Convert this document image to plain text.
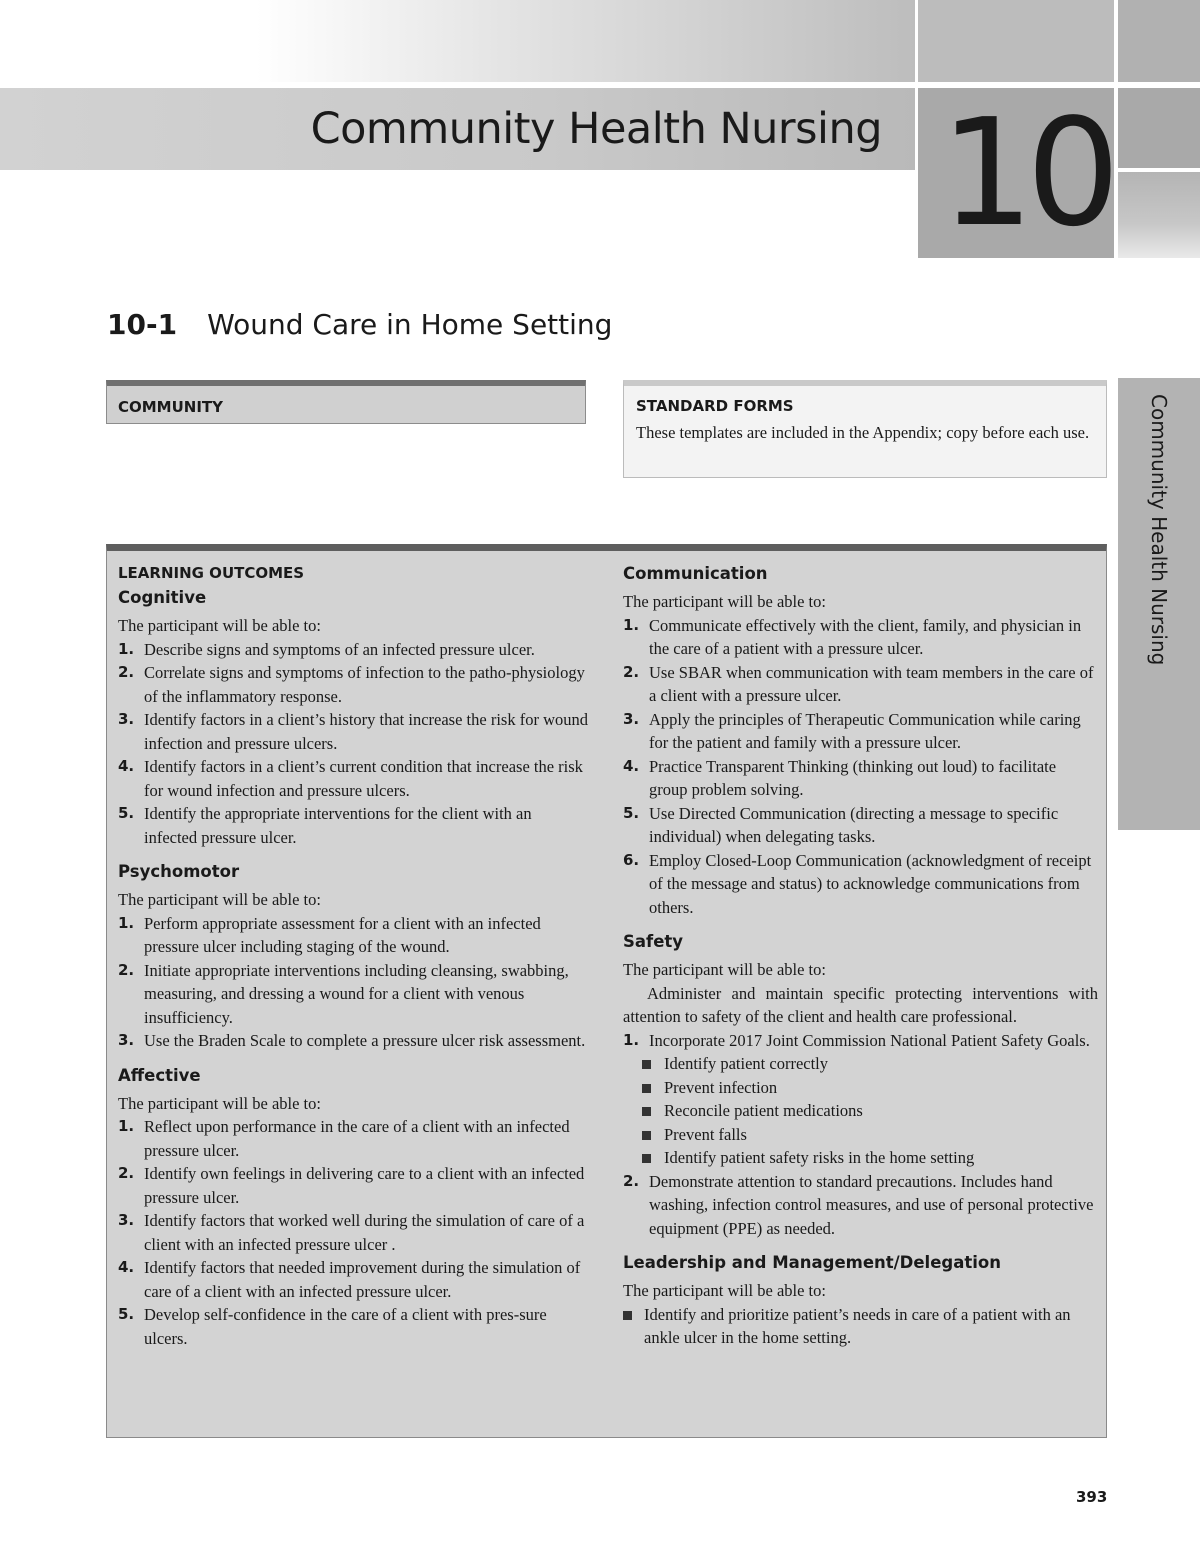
Community Health Nursing 10
10-1 Wound Care in Home Setting
Community Health Nursing
COMMUNITY	STANDARD FORMS
These templates are included in the Appendix; copy before each use.

LEARNING OUTCOMES

Cognitive

The participant will be able to:

1. Describe signs and symptoms of an infected pressure ulcer.
2. Correlate signs and symptoms of infection to the patho-physiology of the inflammatory response.
3. Identify factors in a client’s history that increase the risk for wound infection and pressure ulcers.
4. Identify factors in a client’s current condition that increase the risk for wound infection and pressure ulcers.
5. Identify the appropriate interventions for the client with an infected pressure ulcer.

Psychomotor

The participant will be able to:

1. Perform appropriate assessment for a client with an infected pressure ulcer including staging of the wound.
2. Initiate appropriate interventions including cleansing, swabbing, measuring, and dressing a wound for a client with venous insufficiency.
3. Use the Braden Scale to complete a pressure ulcer risk assessment.

Affective

The participant will be able to:

1. Reflect upon performance in the care of a client with an infected pressure ulcer.
2. Identify own feelings in delivering care to a client with an infected pressure ulcer.
3. Identify factors that worked well during the simulation of care of a client with an infected pressure ulcer .
4. Identify factors that needed improvement during the simulation of care of a client with an infected pressure ulcer.
5. Develop self-confidence in the care of a client with pres-sure ulcers.

Communication

The participant will be able to:

1. Communicate effectively with the client, family, and physician in the care of a patient with a pressure ulcer.
2. Use SBAR when communication with team members in the care of a client with a pressure ulcer.
3. Apply the principles of Therapeutic Communication while caring for the patient and family with a pressure ulcer.
4. Practice Transparent Thinking (thinking out loud) to facilitate group problem solving.
5. Use Directed Communication (directing a message to specific individual) when delegating tasks.
6. Employ Closed-Loop Communication (acknowledgment of receipt of the message and status) to acknowledge communications from others.

Safety

The participant will be able to:

Administer and maintain specific protecting interventions with attention to safety of the client and health care professional.

1. Incorporate 2017 Joint Commission National Patient Safety Goals.
Identify patient correctly
Prevent infection
Reconcile patient medications
Prevent falls
Identify patient safety risks in the home setting
2. Demonstrate attention to standard precautions. Includes hand washing, infection control measures, and use of personal protective equipment (PPE) as needed.

Leadership and Management/Delegation

The participant will be able to:

Identify and prioritize patient’s needs in care of a patient with an ankle ulcer in the home setting.
393
